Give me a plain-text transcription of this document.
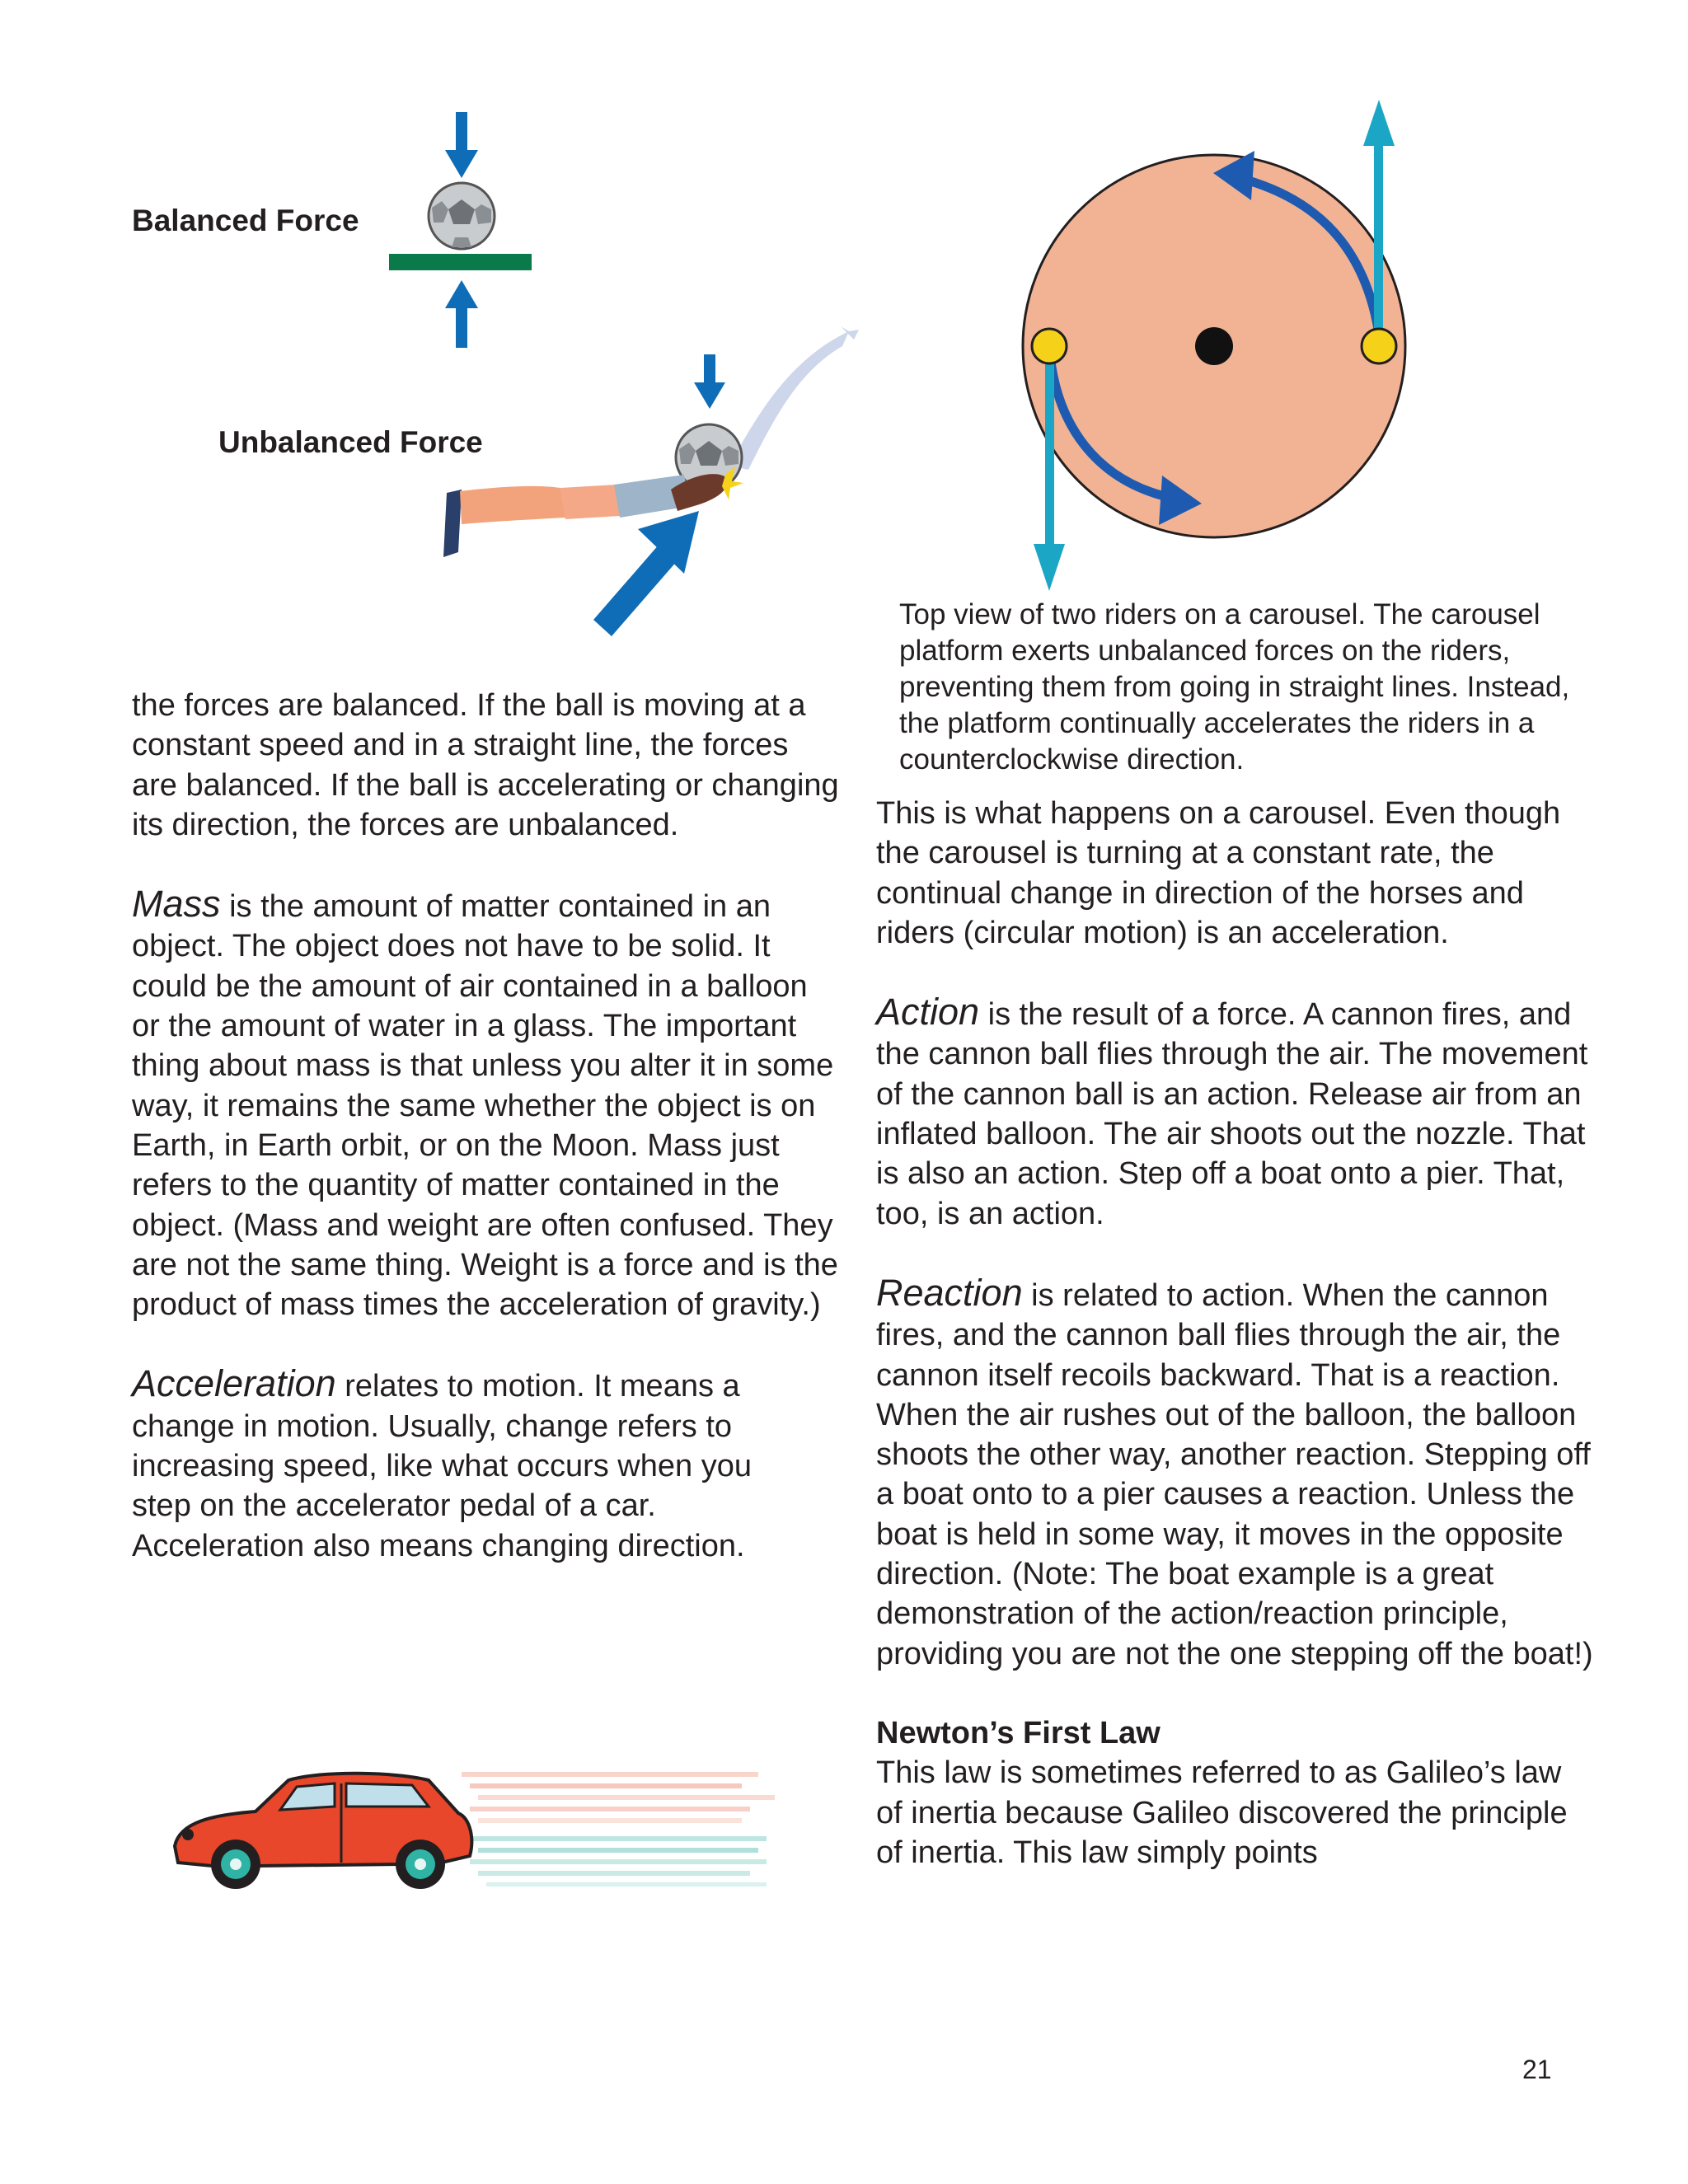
Balanced Force
Unbalanced Force
Top view of two riders on a carousel. The carousel platform exerts unbalanced forces on the riders, preventing them from going in straight lines. Instead, the platform continually accelerates the riders in a counterclockwise direction.

the forces are balanced. If the ball is moving at a constant speed and in a straight line, the forces are balanced. If the ball is accelerating or changing its direction, the forces are unbalanced.

Mass is the amount of matter contained in an object. The object does not have to be solid. It could be the amount of air contained in a balloon or the amount of water in a glass. The important thing about mass is that unless you alter it in some way, it remains the same whether the object is on Earth, in Earth orbit, or on the Moon. Mass just refers to the quantity of matter contained in the object. (Mass and weight are often confused. They are not the same thing. Weight is a force and is the product of mass times the acceleration of gravity.)

Acceleration relates to motion. It means a change in motion. Usually, change refers to increasing speed, like what occurs when you step on the accelerator pedal of a car. Acceleration also means changing direction.

This is what happens on a carousel. Even though the carousel is turning at a constant rate, the continual change in direction of the horses and riders (circular motion) is an acceleration.

Action is the result of a force. A cannon fires, and the cannon ball flies through the air. The movement of the cannon ball is an action. Release air from an inflated balloon. The air shoots out the nozzle. That is also an action. Step off a boat onto a pier. That, too, is an action.

Reaction is related to action. When the cannon fires, and the cannon ball flies through the air, the cannon itself recoils backward. That is a reaction. When the air rushes out of the balloon, the balloon shoots the other way, another reaction. Stepping off a boat onto to a pier causes a reaction. Unless the boat is held in some way, it moves in the opposite direction. (Note: The boat example is a great demonstration of the action/reaction principle, providing you are not the one stepping off the boat!)

Newton’s First Law

This law is sometimes referred to as Galileo’s law of inertia because Galileo discovered the principle of inertia. This law simply points

21
